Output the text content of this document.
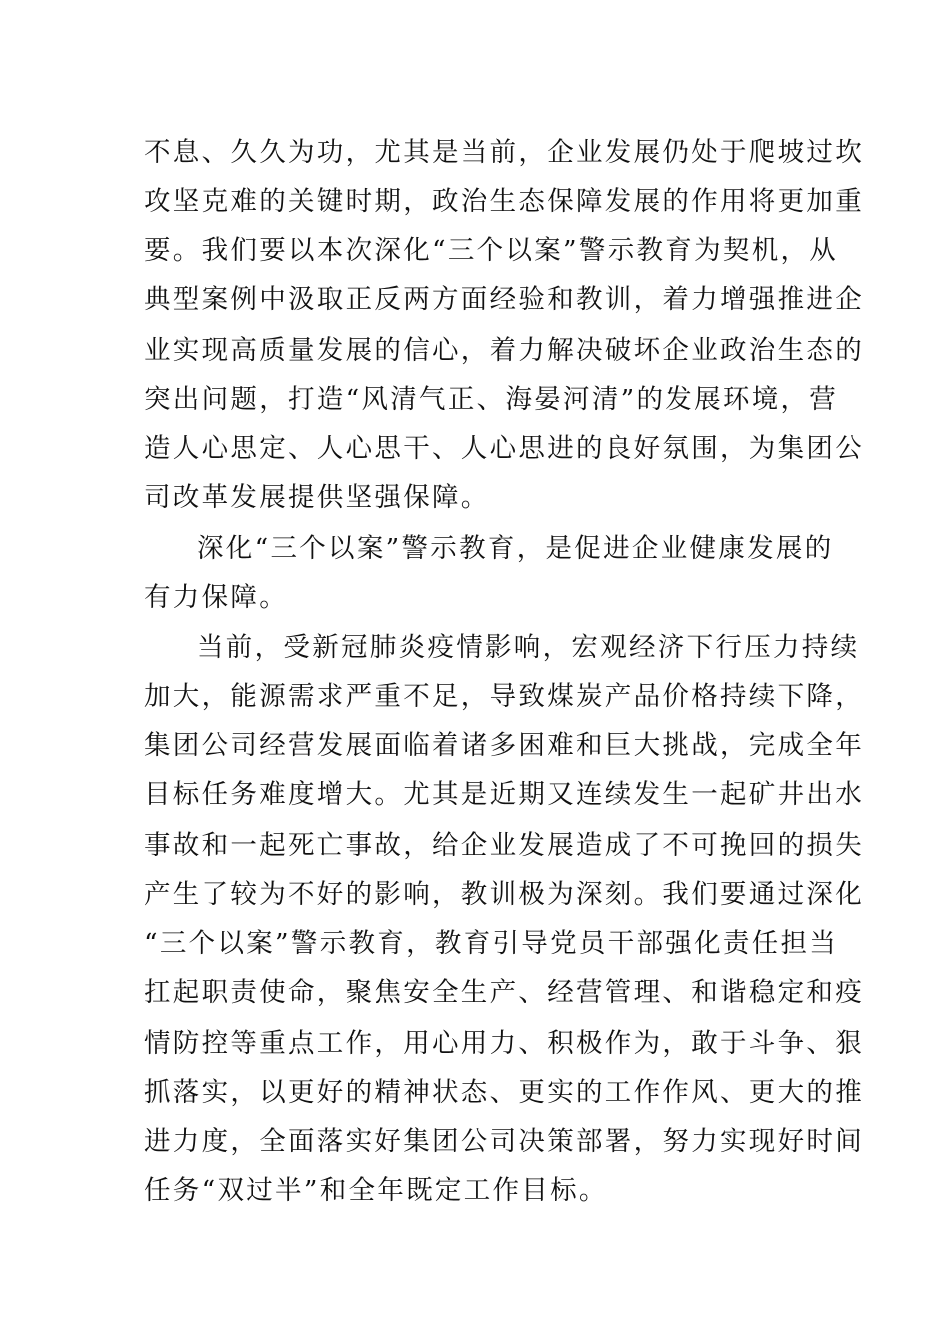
不息、久久为功，尤其是当前，企业发展仍处于爬坡过坎
攻坚克难的关键时期，政治生态保障发展的作用将更加重
要。我们要以本次深化“三个以案”警示教育为契机，从
典型案例中汲取正反两方面经验和教训，着力增强推进企
业实现高质量发展的信心，着力解决破坏企业政治生态的
突出问题，打造“风清气正、海晏河清”的发展环境，营
造人心思定、人心思干、人心思进的良好氛围，为集团公
司改革发展提供坚强保障。
深化“三个以案”警示教育，是促进企业健康发展的
有力保障。
当前，受新冠肺炎疫情影响，宏观经济下行压力持续
加大，能源需求严重不足，导致煤炭产品价格持续下降，
集团公司经营发展面临着诸多困难和巨大挑战，完成全年
目标任务难度增大。尤其是近期又连续发生一起矿井出水
事故和一起死亡事故，给企业发展造成了不可挽回的损失
产生了较为不好的影响，教训极为深刻。我们要通过深化
“三个以案”警示教育，教育引导党员干部强化责任担当
扛起职责使命，聚焦安全生产、经营管理、和谐稳定和疫
情防控等重点工作，用心用力、积极作为，敢于斗争、狠
抓落实，以更好的精神状态、更实的工作作风、更大的推
进力度，全面落实好集团公司决策部署，努力实现好时间
任务“双过半”和全年既定工作目标。
